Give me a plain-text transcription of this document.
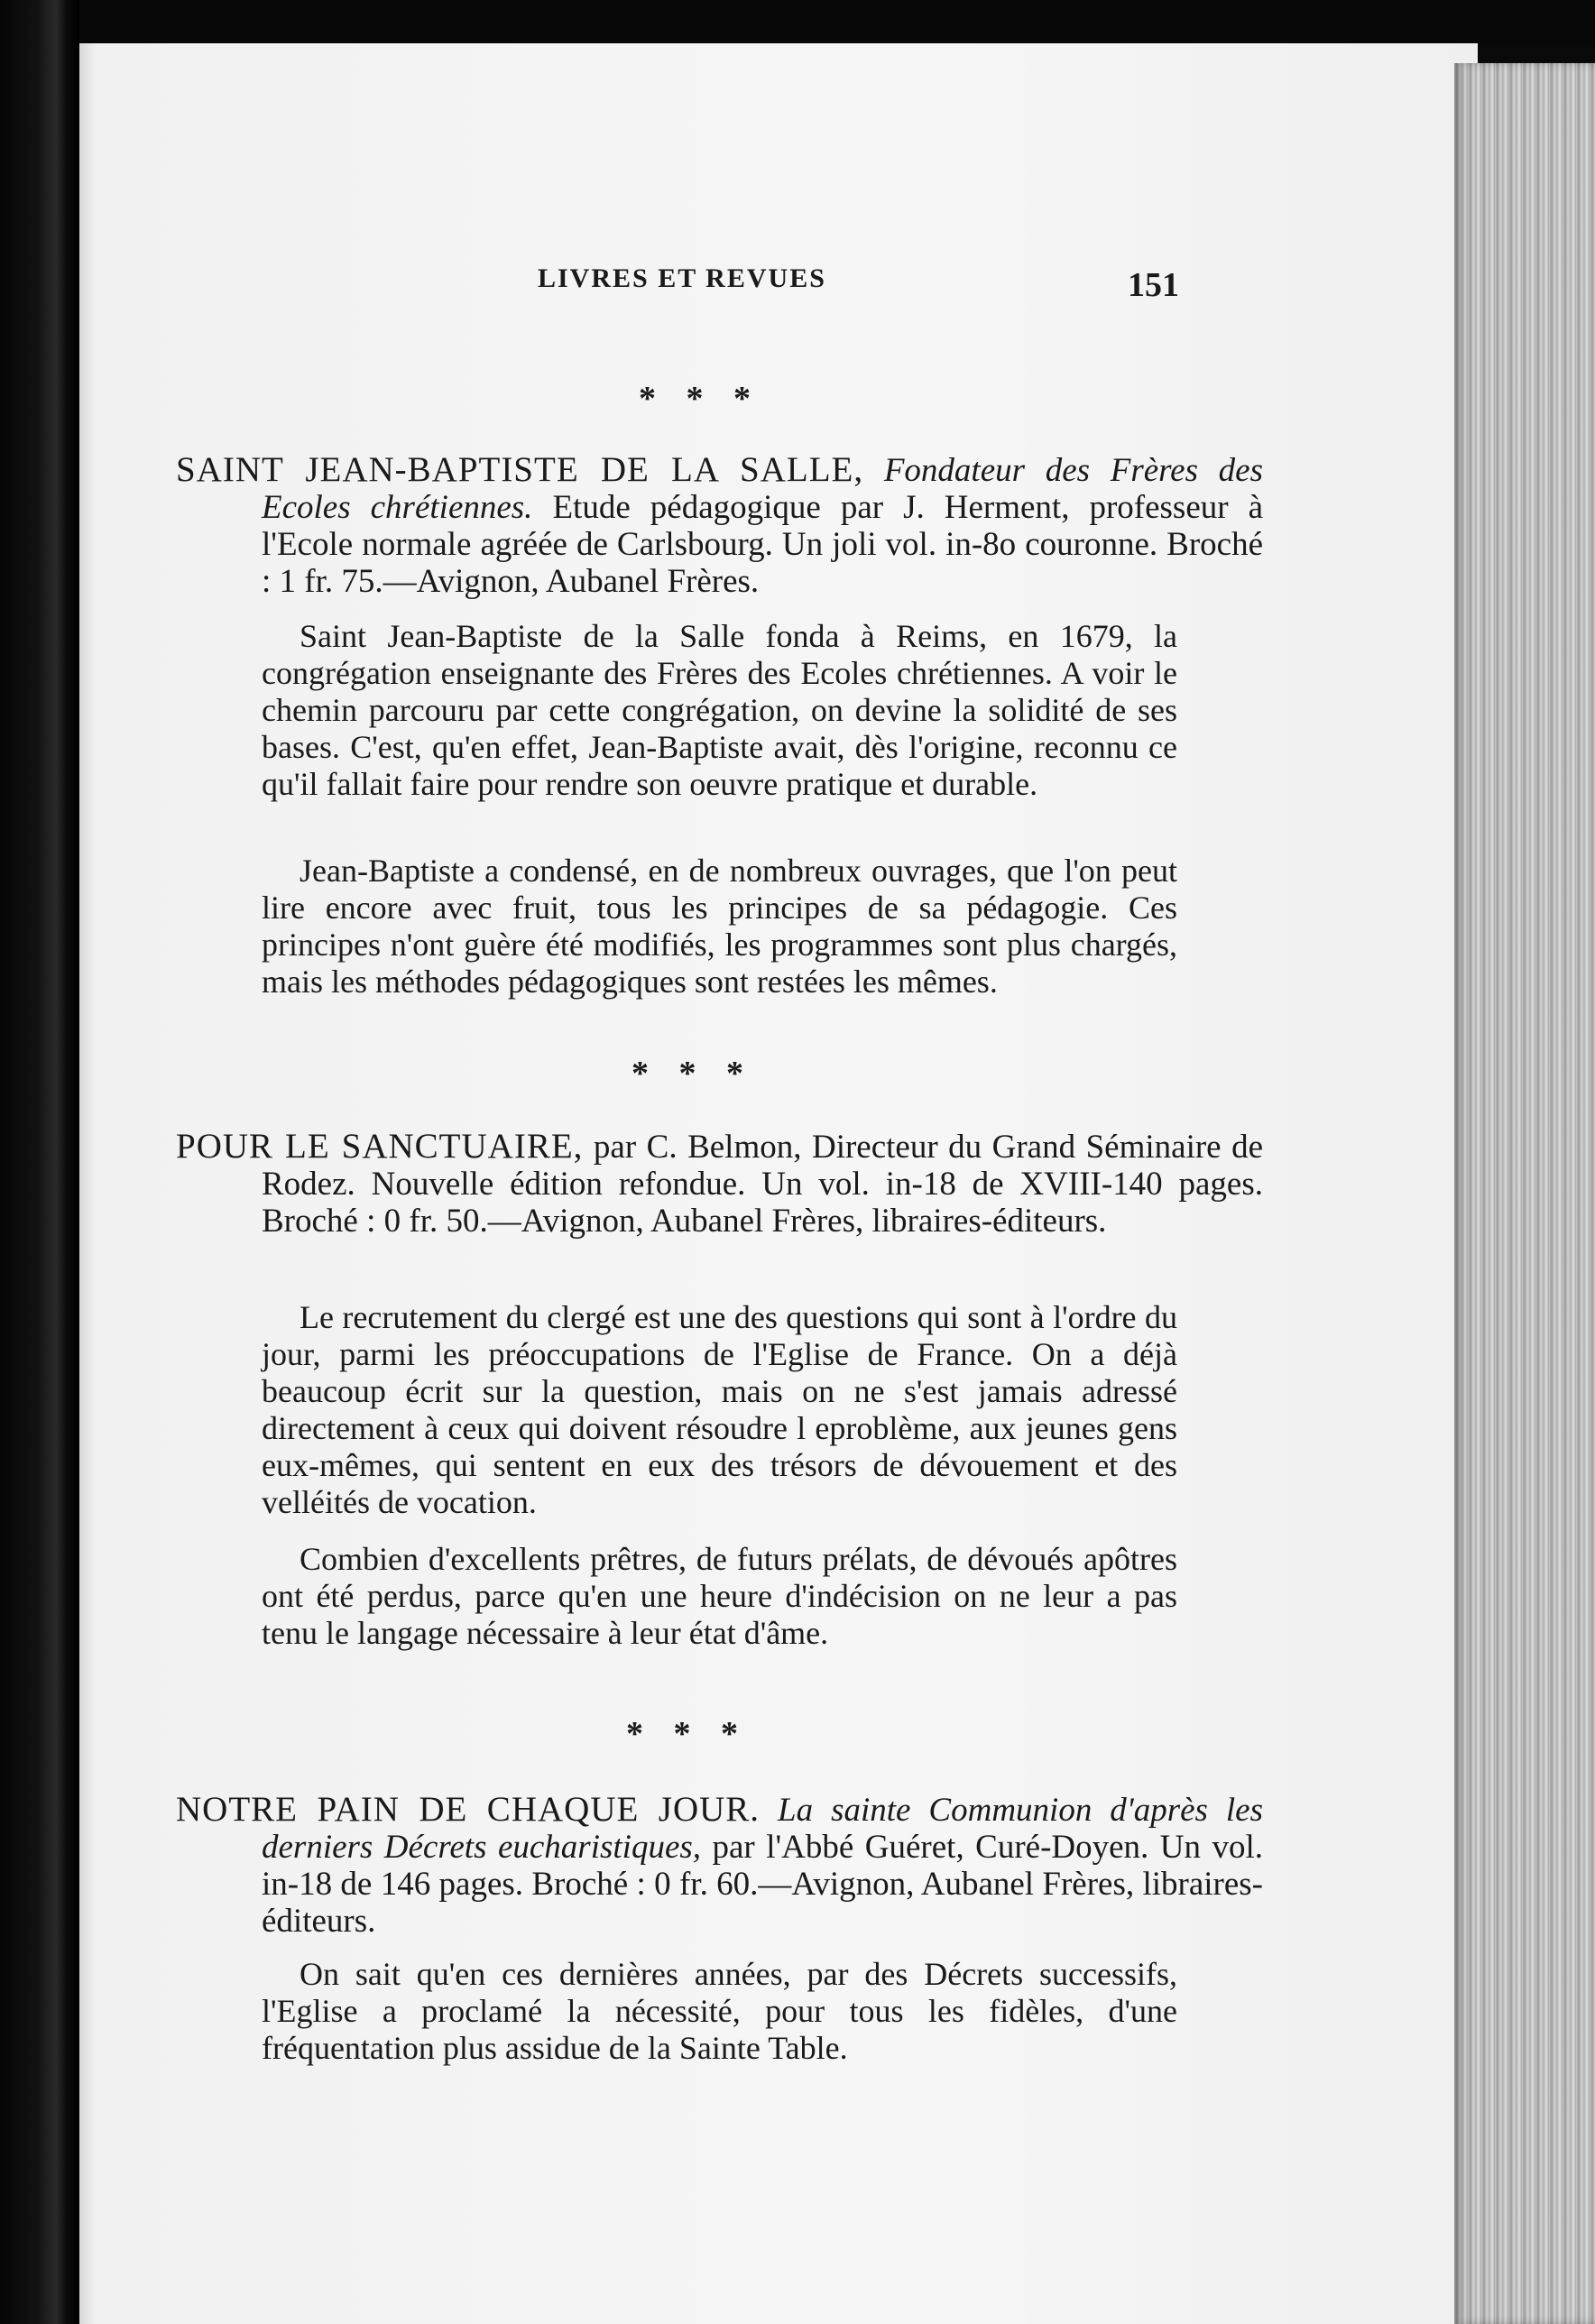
LIVRES ET REVUES	151
* * *
SAINT JEAN-BAPTISTE DE LA SALLE, Fondateur des Frères des Ecoles chrétiennes. Etude pédagogique par J. Herment, professeur à l'Ecole normale agréée de Carlsbourg. Un joli vol. in-8o couronne. Broché : 1 fr. 75.—Avignon, Aubanel Frères.

Saint Jean-Baptiste de la Salle fonda à Reims, en 1679, la congrégation enseignante des Frères des Ecoles chrétiennes. A voir le chemin parcouru par cette congrégation, on devine la solidité de ses bases. C'est, qu'en effet, Jean-Baptiste avait, dès l'origine, reconnu ce qu'il fallait faire pour rendre son oeuvre pratique et durable.

Jean-Baptiste a condensé, en de nombreux ouvrages, que l'on peut lire encore avec fruit, tous les principes de sa pédagogie. Ces principes n'ont guère été modifiés, les programmes sont plus chargés, mais les méthodes pédagogiques sont restées les mêmes.

* * *
POUR LE SANCTUAIRE, par C. Belmon, Directeur du Grand Séminaire de Rodez. Nouvelle édition refondue. Un vol. in-18 de XVIII-140 pages. Broché : 0 fr. 50.—Avignon, Aubanel Frères, libraires-éditeurs.

Le recrutement du clergé est une des questions qui sont à l'ordre du jour, parmi les préoccupations de l'Eglise de France. On a déjà beaucoup écrit sur la question, mais on ne s'est jamais adressé directement à ceux qui doivent résoudre l eproblème, aux jeunes gens eux-mêmes, qui sentent en eux des trésors de dévouement et des velléités de vocation.

Combien d'excellents prêtres, de futurs prélats, de dévoués apôtres ont été perdus, parce qu'en une heure d'indécision on ne leur a pas tenu le langage nécessaire à leur état d'âme.

* * *
NOTRE PAIN DE CHAQUE JOUR. La sainte Communion d'après les derniers Décrets eucharistiques, par l'Abbé Guéret, Curé-Doyen. Un vol. in-18 de 146 pages. Broché : 0 fr. 60.—Avignon, Aubanel Frères, libraires-éditeurs.

On sait qu'en ces dernières années, par des Décrets successifs, l'Eglise a proclamé la nécessité, pour tous les fidèles, d'une fréquentation plus assidue de la Sainte Table.
